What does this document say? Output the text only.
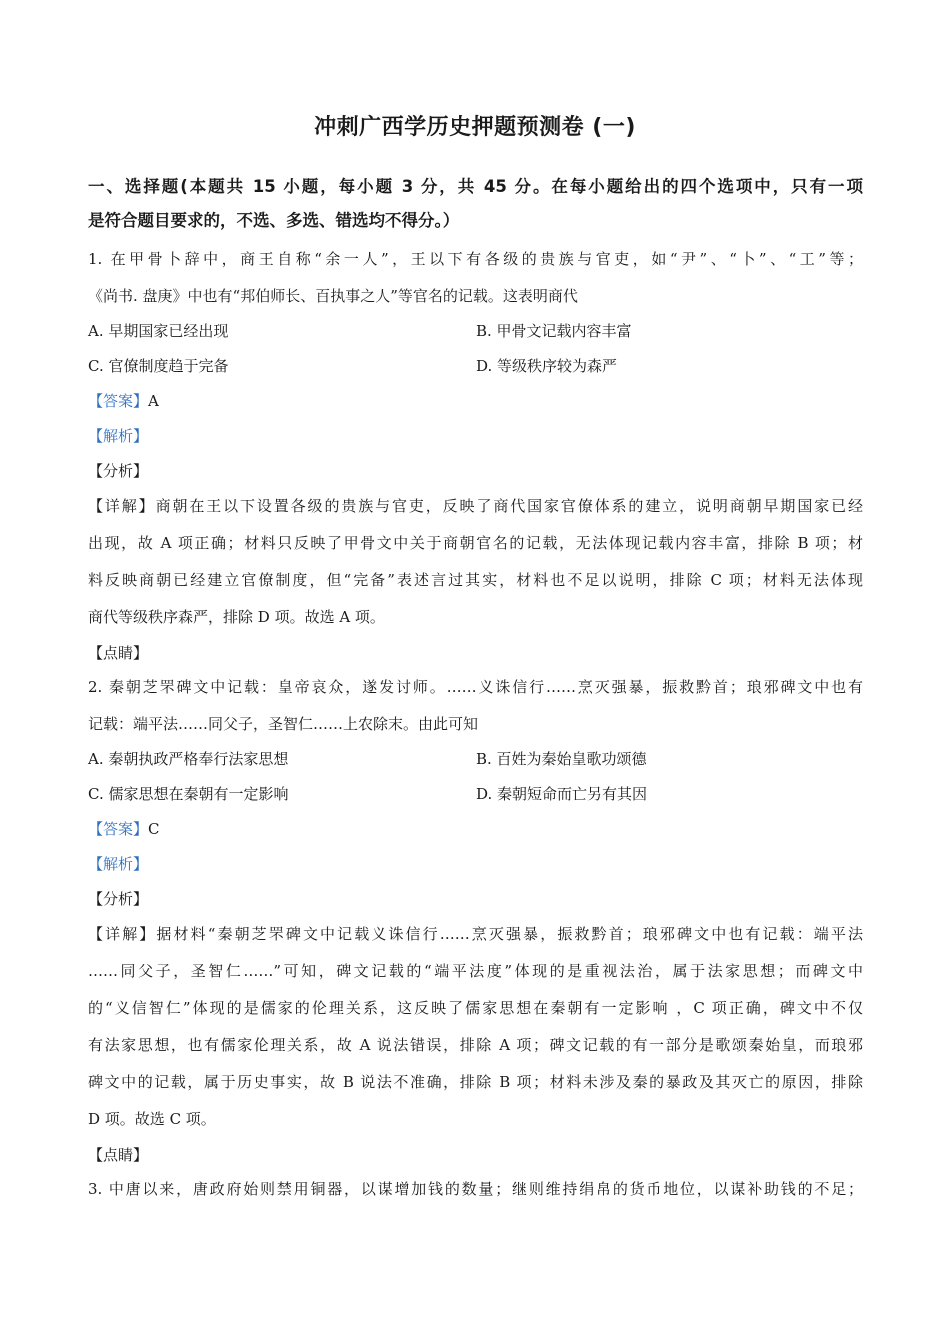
冲刺广西学历史押题预测卷 (一)
一、选择题(本题共 15 小题，每小题 3 分，共 45 分。在每小题给出的四个选项中，只有一项
是符合题目要求的，不选、多选、错选均不得分。）
1. 在甲骨卜辞中，商王自称“余一人”，王以下有各级的贵族与官吏，如“尹”、“卜”、“工”等；
《尚书. 盘庚》中也有“邦伯师长、百执事之人”等官名的记载。这表明商代
A. 早期国家已经出现	B. 甲骨文记载内容丰富
C. 官僚制度趋于完备	D. 等级秩序较为森严
【答案】A
【解析】
【分析】
【详解】商朝在王以下设置各级的贵族与官吏，反映了商代国家官僚体系的建立，说明商朝早期国家已经
出现，故 A 项正确；材料只反映了甲骨文中关于商朝官名的记载，无法体现记载内容丰富，排除 B 项；材
料反映商朝已经建立官僚制度，但“完备”表述言过其实，材料也不足以说明，排除 C 项；材料无法体现
商代等级秩序森严，排除 D 项。故选 A 项。
【点睛】
2. 秦朝芝罘碑文中记载：皇帝哀众，遂发讨师。……义诛信行……烹灭强暴，振救黔首；琅邪碑文中也有
记载：端平法……同父子，圣智仁……上农除末。由此可知
A. 秦朝执政严格奉行法家思想	B. 百姓为秦始皇歌功颂德
C. 儒家思想在秦朝有一定影响	D. 秦朝短命而亡另有其因
【答案】C
【解析】
【分析】
【详解】据材料“秦朝芝罘碑文中记载义诛信行……烹灭强暴，振救黔首；琅邪碑文中也有记载：端平法
……同父子，圣智仁……”可知，碑文记载的“端平法度”体现的是重视法治，属于法家思想；而碑文中
的“义信智仁”体现的是儒家的伦理关系，这反映了儒家思想在秦朝有一定影响 ，C 项正确，碑文中不仅
有法家思想，也有儒家伦理关系，故 A 说法错误，排除 A 项；碑文记载的有一部分是歌颂秦始皇，而琅邪
碑文中的记载，属于历史事实，故 B 说法不准确，排除 B 项；材料未涉及秦的暴政及其灭亡的原因，排除
D 项。故选 C 项。
【点睛】
3. 中唐以来，唐政府始则禁用铜器，以谋增加钱的数量；继则维持绢帛的货币地位，以谋补助钱的不足；
